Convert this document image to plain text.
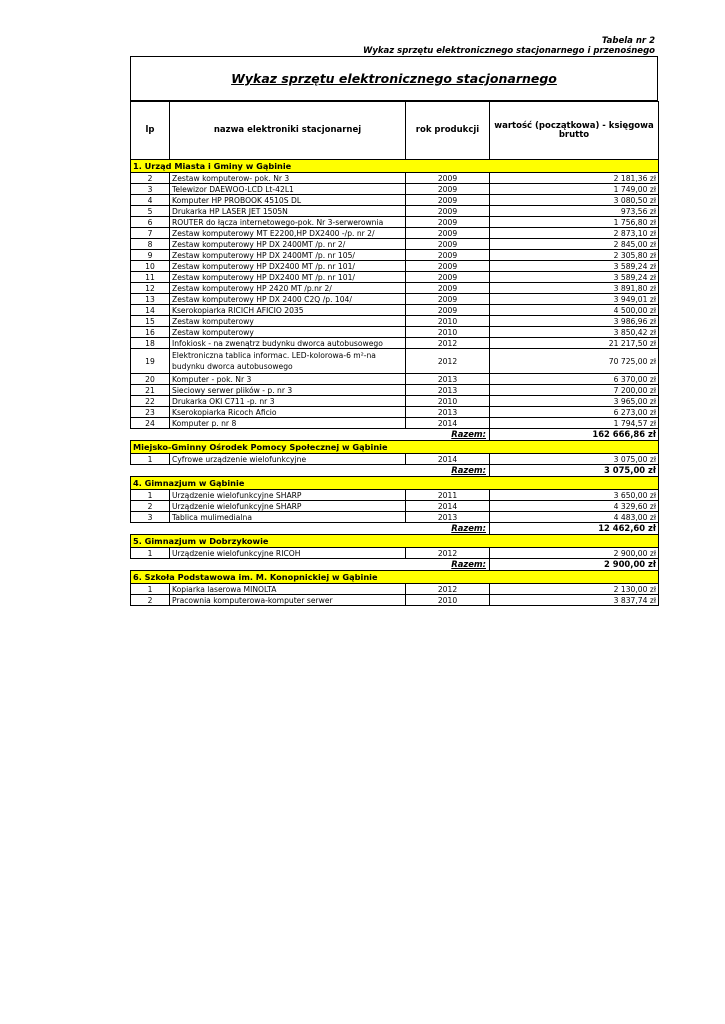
Tabela nr 2
Wykaz sprzętu elektronicznego stacjonarnego i przenośnego
Wykaz sprzętu elektronicznego stacjonarnego
lp	nazwa elektroniki stacjonarnej	rok produkcji	wartość (początkowa) - księgowa brutto
1. Urząd Miasta i Gminy w Gąbinie			
2	Zestaw komputerow- pok. Nr 3	2009	2 181,36 zł
3	Telewizor DAEWOO-LCD Lt-42L1	2009	1 749,00 zł
4	Komputer HP PROBOOK 4510S DL	2009	3 080,50 zł
5	Drukarka HP LASER JET 1505N	2009	973,56 zł
6	ROUTER do łącza internetowego-pok. Nr 3-serwerownia	2009	1 756,80 zł
7	Zestaw komputerowy MT E2200,HP DX2400 -/p. nr 2/	2009	2 873,10 zł
8	Zestaw komputerowy HP DX 2400MT /p. nr 2/	2009	2 845,00 zł
9	Zestaw komputerowy HP DX 2400MT /p. nr 105/	2009	2 305,80 zł
10	Zestaw komputerowy HP DX2400 MT /p. nr 101/	2009	3 589,24 zł
11	Zestaw komputerowy HP DX2400 MT /p. nr 101/	2009	3 589,24 zł
12	Zestaw komputerowy HP 2420 MT /p.nr 2/	2009	3 891,80 zł
13	Zestaw komputerowy HP DX 2400 C2Q /p. 104/	2009	3 949,01 zł
14	Kserokopiarka RICICH AFICIO 2035	2009	4 500,00 zł
15	Zestaw komputerowy	2010	3 986,96 zł
16	Zestaw komputerowy	2010	3 850,42 zł
18	Infokiosk - na zwenątrz budynku dworca autobusowego	2012	21 217,50 zł
19	Elektroniczna tablica informac. LED-kolorowa-6 m²-na budynku dworca autobusowego	2012	70 725,00 zł
20	Komputer - pok. Nr 3	2013	6 370,00 zł
21	Sieciowy serwer plików - p. nr 3	2013	7 200,00 zł
22	Drukarka OKI C711 -p. nr 3	2010	3 965,00 zł
23	Kserokopiarka Ricoch Aficio	2013	6 273,00 zł
24	Komputer p. nr 8	2014	1 794,57 zł
Razem:			162 666,86 zł
Miejsko-Gminny Ośrodek Pomocy Społecznej w Gąbinie			
1	Cyfrowe urządzenie wielofunkcyjne	2014	3 075,00 zł
Razem:			3 075,00 zł
4. Gimnazjum w Gąbinie			
1	Urządzenie wielofunkcyjne SHARP	2011	3 650,00 zł
2	Urządzenie wielofunkcyjne SHARP	2014	4 329,60 zł
3	Tablica mulimedialna	2013	4 483,00 zł
Razem:			12 462,60 zł
5. Gimnazjum w Dobrzykowie			
1	Urządzenie wielofunkcyjne RICOH	2012	2 900,00 zł
Razem:			2 900,00 zł
6. Szkoła Podstawowa im. M. Konopnickiej w Gąbinie			
1	Kopiarka laserowa MINOLTA	2012	2 130,00 zł
2	Pracownia komputerowa-komputer serwer	2010	3 837,74 zł
